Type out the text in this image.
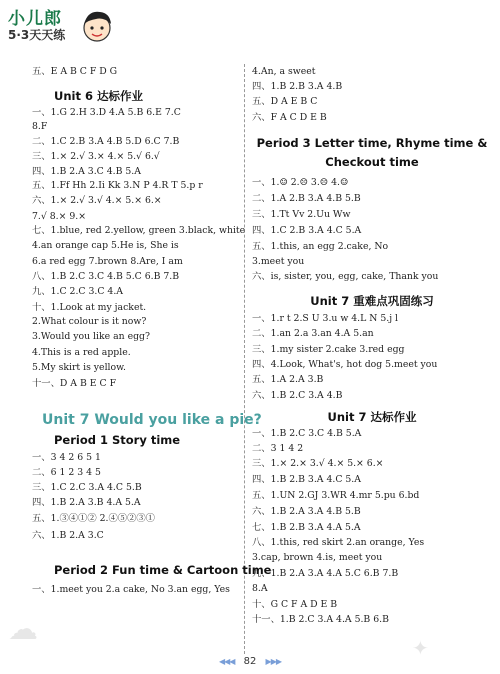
小儿郎
5·3天天练
五、E A B C F D G
Unit 6 达标作业
一、1.G 2.H 3.D 4.A 5.B 6.E 7.C
8.F
二、1.C 2.B 3.A 4.B 5.D 6.C 7.B
三、1.× 2.√ 3.× 4.× 5.√ 6.√
四、1.B 2.A 3.C 4.B 5.A
五、1.Ff Hh 2.Ii Kk 3.N P 4.R T 5.p r
六、1.× 2.√ 3.√ 4.× 5.× 6.×
7.√ 8.× 9.×
七、1.blue, red 2.yellow, green 3.black, white
4.an orange cap 5.He is, She is
6.a red egg 7.brown 8.Are, I am
八、1.B 2.C 3.C 4.B 5.C 6.B 7.B
九、1.C 2.C 3.C 4.A
十、1.Look at my jacket.
2.What colour is it now?
3.Would you like an egg?
4.This is a red apple.
5.My skirt is yellow.
十一、D A B E C F
Unit 7 Would you like a pie?
Period 1 Story time
一、3 4 2 6 5 1
二、6 1 2 3 4 5
三、1.C 2.C 3.A 4.C 5.B
四、1.B 2.A 3.B 4.A 5.A
五、1.③④①② 2.④⑤②③①
六、1.B 2.A 3.C
Period 2 Fun time & Cartoon time
一、1.meet you 2.a cake, No 3.an egg, Yes
4.An, a sweet
四、1.B 2.B 3.A 4.B
五、D A E B C
六、F A C D E B
Period 3 Letter time, Rhyme time &
Checkout time
一、1.☺ 2.☹ 3.☹ 4.☺
二、1.A 2.B 3.A 4.B 5.B
三、1.Tt Vv 2.Uu Ww
四、1.C 2.B 3.A 4.C 5.A
五、1.this, an egg 2.cake, No
3.meet you
六、is, sister, you, egg, cake, Thank you
Unit 7 重难点巩固练习
一、1.r t 2.S U 3.u w 4.L N 5.j l
二、1.an 2.a 3.an 4.A 5.an
三、1.my sister 2.cake 3.red egg
四、4.Look, What's, hot dog 5.meet you
五、1.A 2.A 3.B
六、1.B 2.C 3.A 4.B
Unit 7 达标作业
一、1.B 2.C 3.C 4.B 5.A
二、3 1 4 2
三、1.× 2.× 3.√ 4.× 5.× 6.×
四、1.B 2.B 3.A 4.C 5.A
五、1.UN 2.GJ 3.WR 4.mr 5.pu 6.bd
六、1.B 2.A 3.A 4.B 5.B
七、1.B 2.B 3.A 4.A 5.A
八、1.this, red skirt 2.an orange, Yes
3.cap, brown 4.is, meet you
九、1.B 2.A 3.A 4.A 5.C 6.B 7.B
8.A
十、G C F A D E B
十一、1.B 2.C 3.A 4.A 5.B 6.B
◀◀◀ 82 ▶▶▶
☁
✦
